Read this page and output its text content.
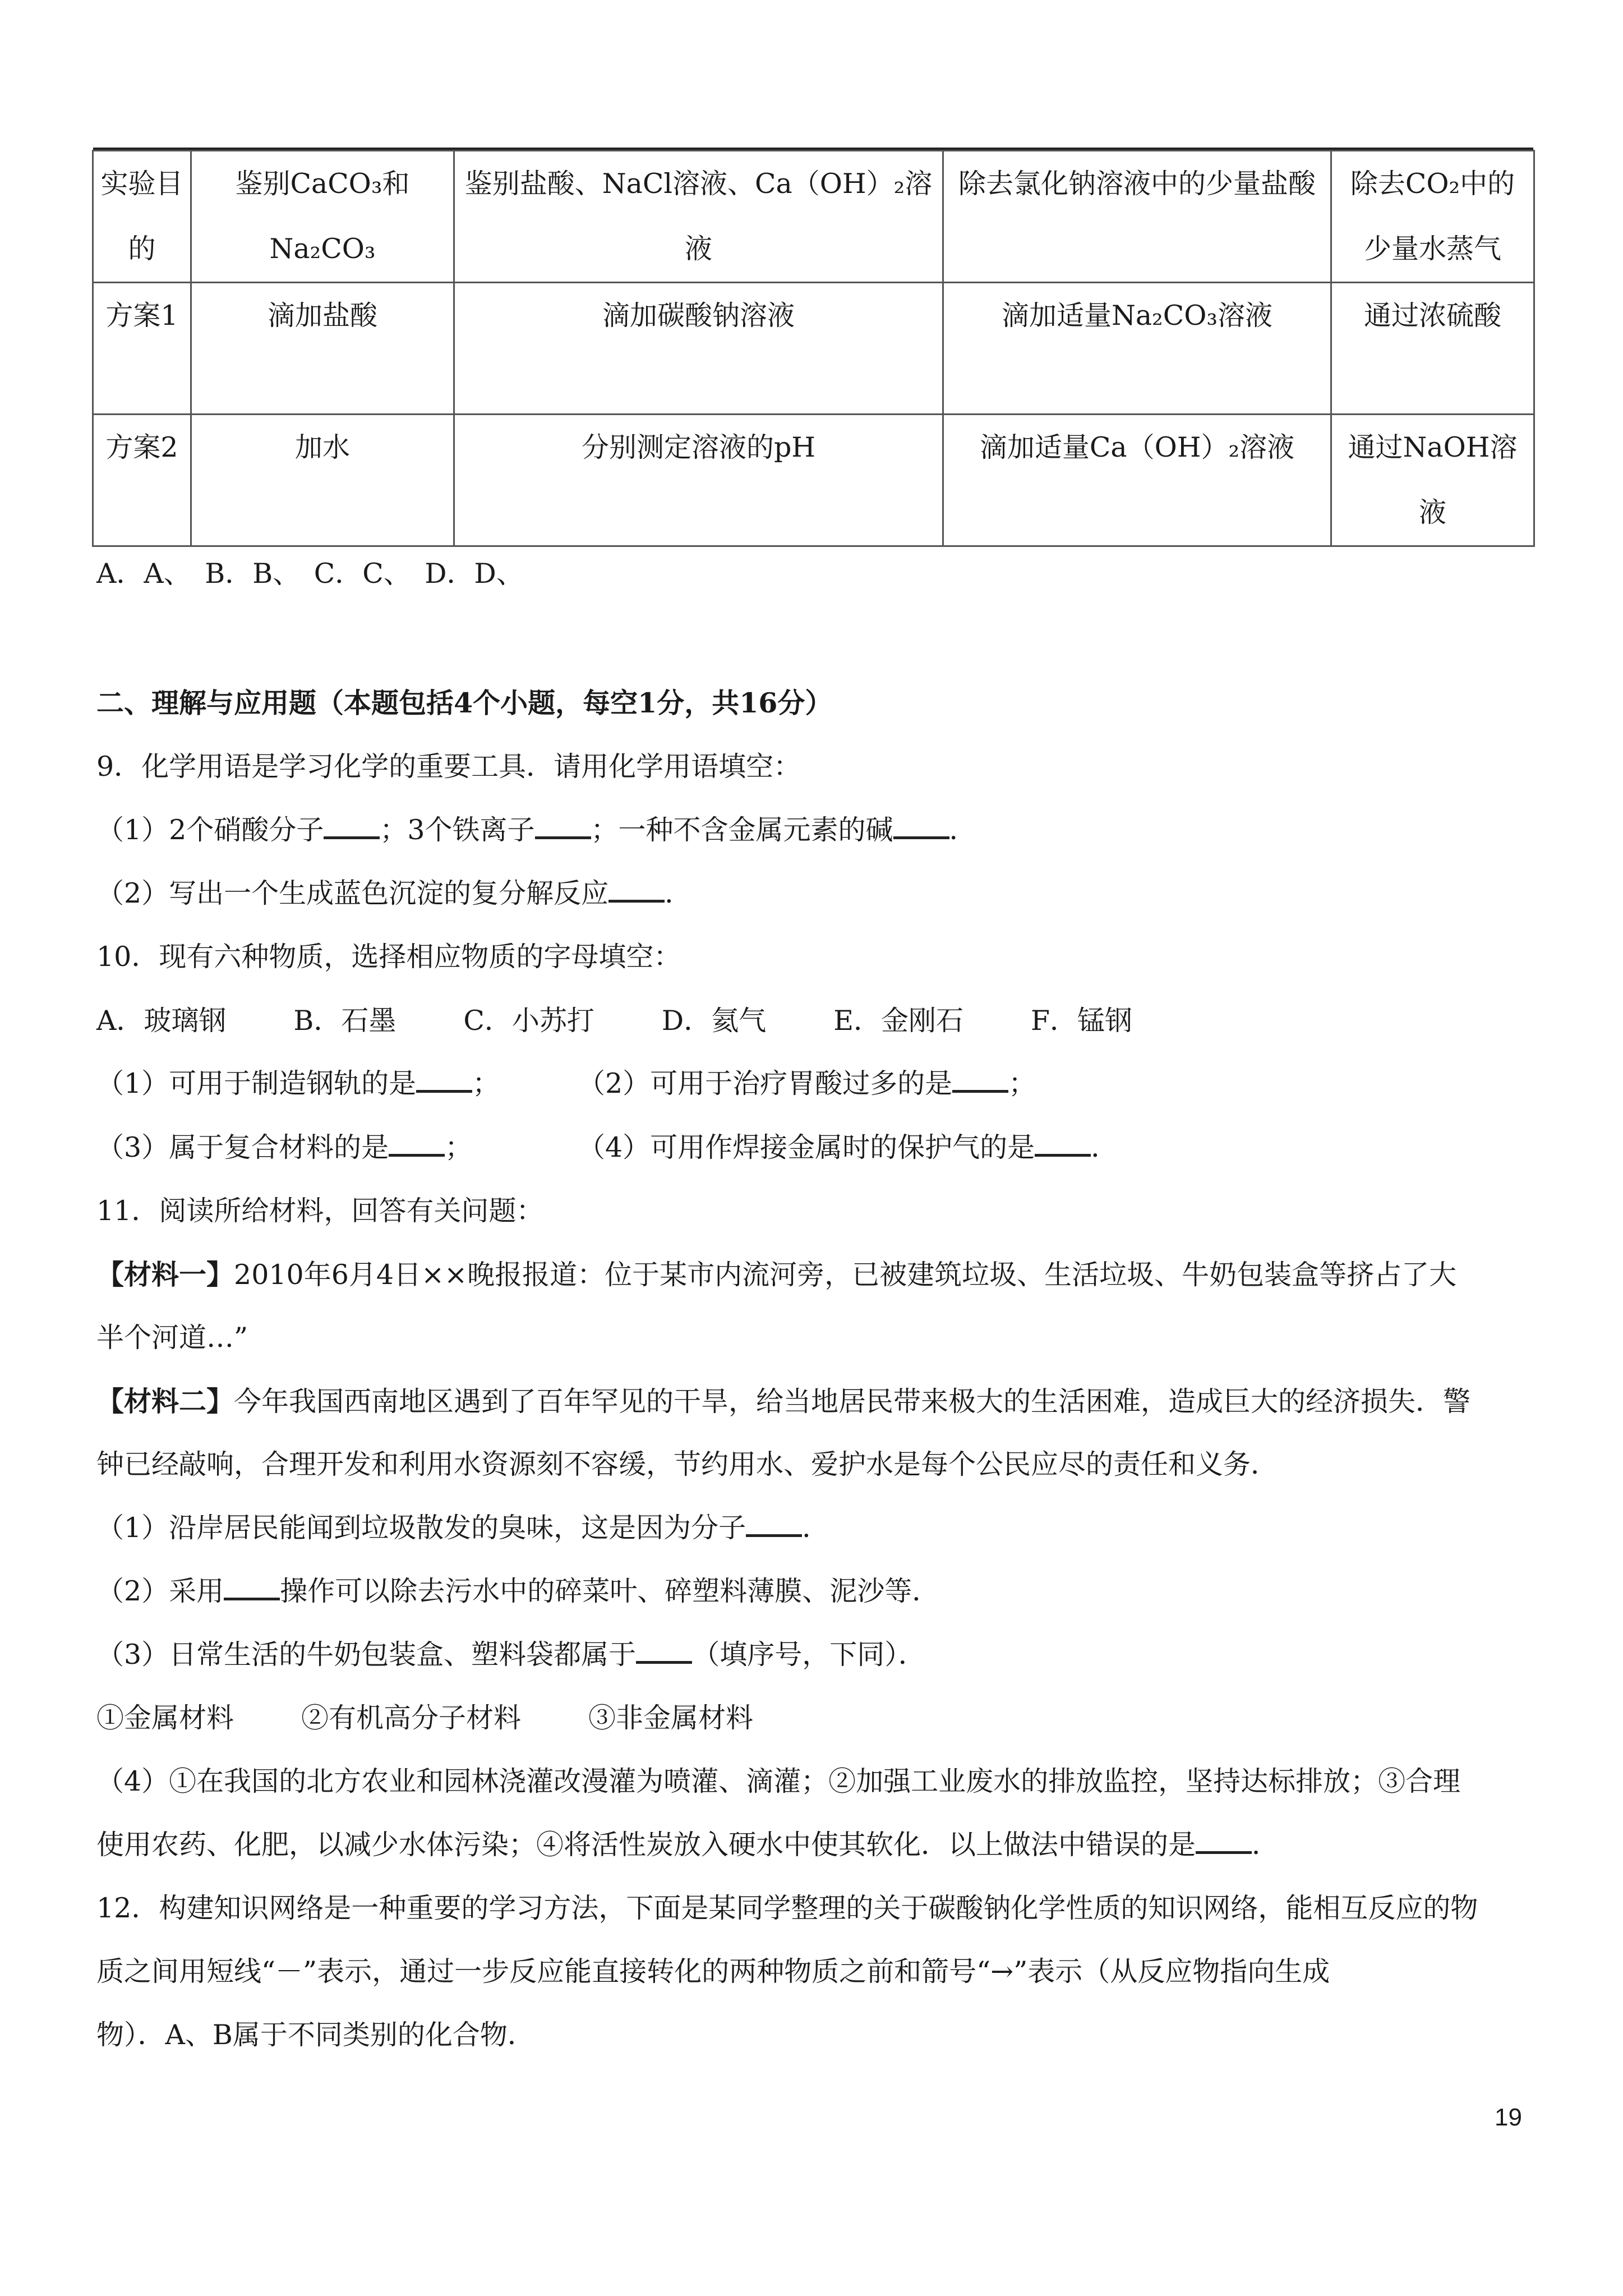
实验目的	鉴别CaCO₃和Na₂CO₃	鉴别盐酸、NaCl溶液、Ca（OH）₂溶液	除去氯化钠溶液中的少量盐酸	除去CO₂中的少量水蒸气
方案1	滴加盐酸	滴加碳酸钠溶液	滴加适量Na₂CO₃溶液	通过浓硫酸
方案2	加水	分别测定溶液的pH	滴加适量Ca（OH）₂溶液	通过NaOH溶液
A．A、　B．B、　C．C、　D．D、
二、理解与应用题（本题包括4个小题，每空1分，共16分）
9．化学用语是学习化学的重要工具．请用化学用语填空：
（1）2个硝酸分子 ；3个铁离子 ；一种不含金属元素的碱 ．
（2）写出一个生成蓝色沉淀的复分解反应 ．
10．现有六种物质，选择相应物质的字母填空：
A．玻璃钢 B．石墨 C．小苏打 D．氦气 E．金刚石 F．锰钢
（1）可用于制造钢轨的是 ；	（2）可用于治疗胃酸过多的是 ；
（3）属于复合材料的是 ；	（4）可用作焊接金属时的保护气的是 ．
11．阅读所给材料，回答有关问题：
【材料一】2010年6月4日××晚报报道：位于某市内流河旁，已被建筑垃圾、生活垃圾、牛奶包装盒等挤占了大
半个河道…”
【材料二】今年我国西南地区遇到了百年罕见的干旱，给当地居民带来极大的生活困难，造成巨大的经济损失．警
钟已经敲响，合理开发和利用水资源刻不容缓，节约用水、爱护水是每个公民应尽的责任和义务．
（1）沿岸居民能闻到垃圾散发的臭味，这是因为分子 ．
（2）采用 操作可以除去污水中的碎菜叶、碎塑料薄膜、泥沙等．
（3）日常生活的牛奶包装盒、塑料袋都属于 （填序号，下同）．
①金属材料 ②有机高分子材料 ③非金属材料
（4）①在我国的北方农业和园林浇灌改漫灌为喷灌、滴灌；②加强工业废水的排放监控，坚持达标排放；③合理
使用农药、化肥，以减少水体污染；④将活性炭放入硬水中使其软化．以上做法中错误的是 ．
12．构建知识网络是一种重要的学习方法，下面是某同学整理的关于碳酸钠化学性质的知识网络，能相互反应的物
质之间用短线“－”表示，通过一步反应能直接转化的两种物质之前和箭号“→”表示（从反应物指向生成
物）．A、B属于不同类别的化合物．
19
